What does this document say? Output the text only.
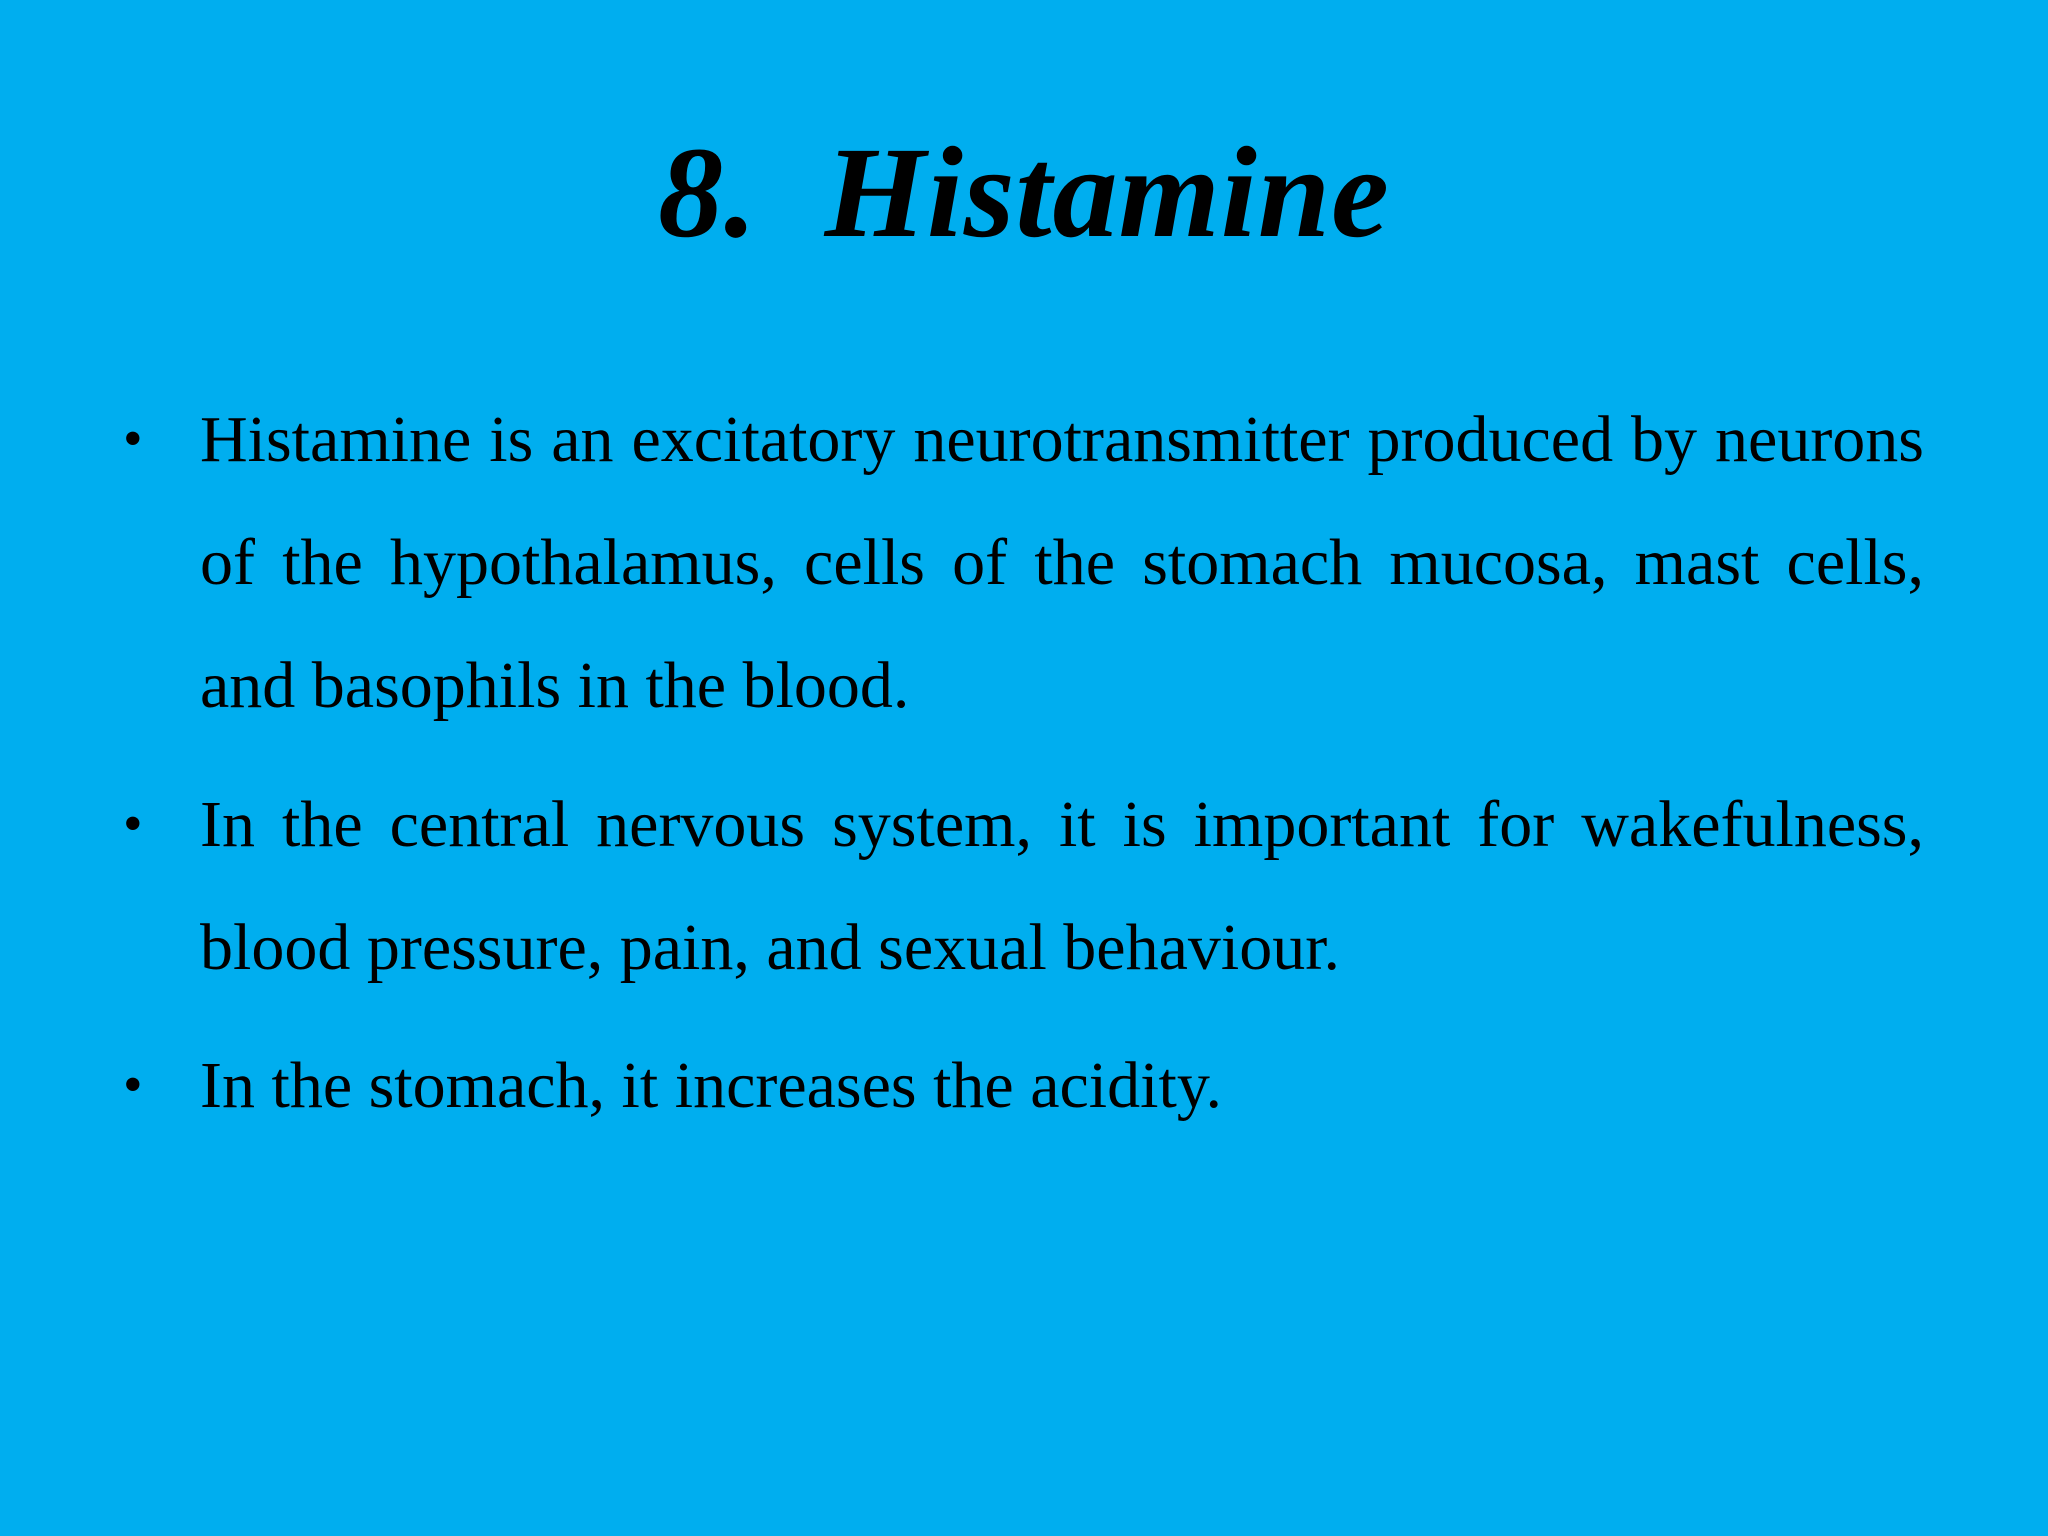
8.  Histamine
• Histamine is an excitatory neurotransmitter produced by neurons of the hypothalamus, cells of the stomach mucosa, mast cells, and basophils in the blood.
• In the central nervous system, it is important for wakefulness, blood pressure, pain, and sexual behaviour.
• In the stomach, it increases the acidity.
